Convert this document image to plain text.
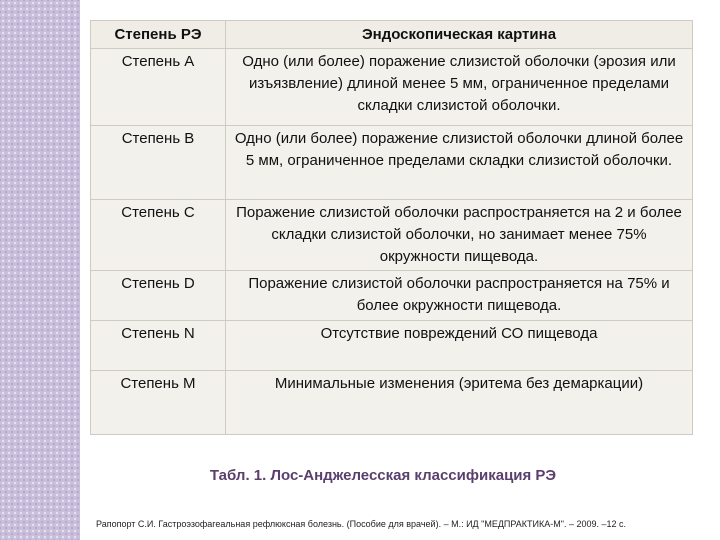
Степень РЭ	Эндоскопическая картина
Степень А	Одно (или более) поражение слизистой оболочки (эрозия или изъязвление) длиной менее 5 мм, ограниченное пределами складки слизистой оболочки.
Степень В	Одно (или более) поражение слизистой оболочки длиной более 5 мм, ограниченное пределами складки слизистой оболочки.
Степень С	Поражение слизистой оболочки распространяется на 2 и более складки слизистой оболочки, но занимает менее 75% окружности пищевода.
Степень D	Поражение слизистой оболочки распространяется на 75% и более окружности пищевода.
Степень N	Отсутствие повреждений СО пищевода
Степень М	Минимальные изменения (эритема без демаркации)
Табл. 1. Лос-Анджелесская классификация РЭ
Рапопорт С.И. Гастроэзофагеальная рефлюксная болезнь. (Пособие для врачей). – М.: ИД "МЕДПРАКТИКА-М". – 2009. –12 с.
